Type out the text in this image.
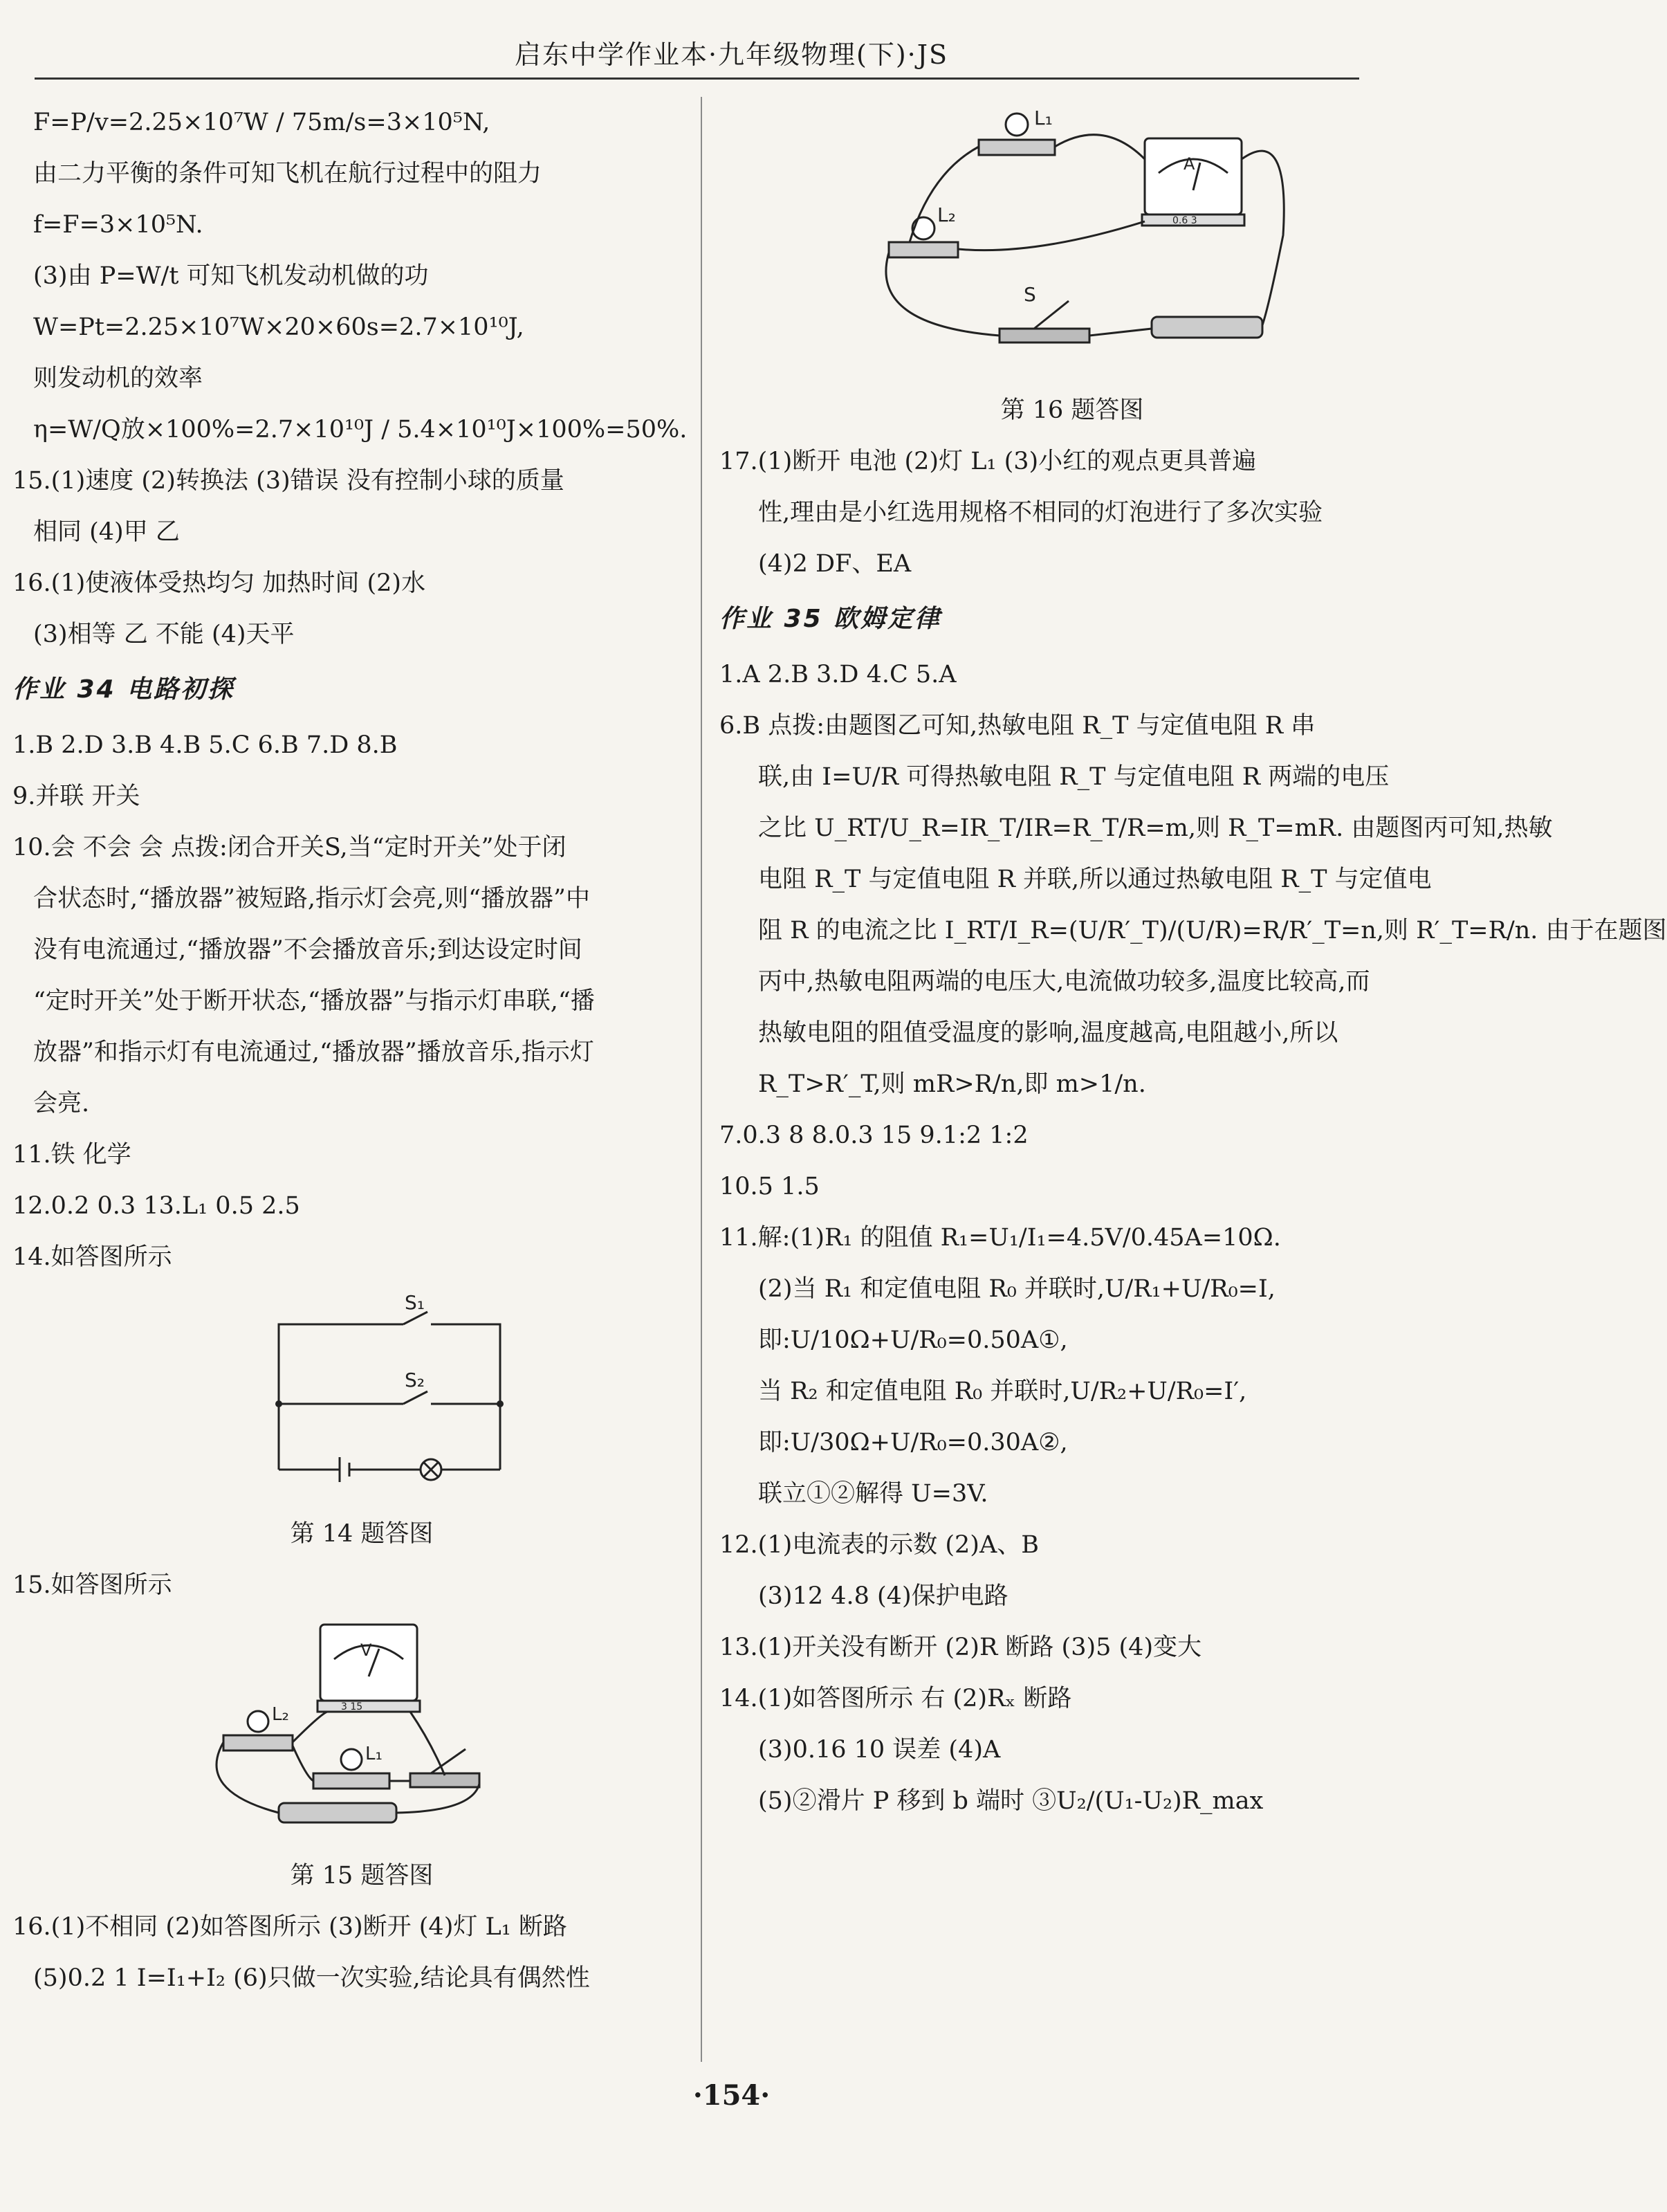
启东中学作业本·九年级物理(下)·JS
F=P/v=2.25×10⁷W / 75m/s=3×10⁵N,
由二力平衡的条件可知飞机在航行过程中的阻力
f=F=3×10⁵N.
(3)由 P=W/t 可知飞机发动机做的功
W=Pt=2.25×10⁷W×20×60s=2.7×10¹⁰J,
则发动机的效率
η=W/Q放×100%=2.7×10¹⁰J / 5.4×10¹⁰J×100%=50%.
15.(1)速度 (2)转换法 (3)错误 没有控制小球的质量
相同 (4)甲 乙
16.(1)使液体受热均匀 加热时间 (2)水
(3)相等 乙 不能 (4)天平
作业 34 电路初探
1.B 2.D 3.B 4.B 5.C 6.B 7.D 8.B
9.并联 开关
10.会 不会 会 点拨:闭合开关S,当“定时开关”处于闭
合状态时,“播放器”被短路,指示灯会亮,则“播放器”中
没有电流通过,“播放器”不会播放音乐;到达设定时间
“定时开关”处于断开状态,“播放器”与指示灯串联,“播
放器”和指示灯有电流通过,“播放器”播放音乐,指示灯
会亮.
11.铁 化学
12.0.2 0.3 13.L₁ 0.5 2.5
14.如答图所示
S₁
S₂
第 14 题答图
15.如答图所示
V
3 15
L₂
L₁
第 15 题答图
16.(1)不相同 (2)如答图所示 (3)断开 (4)灯 L₁ 断路
(5)0.2 1 I=I₁+I₂ (6)只做一次实验,结论具有偶然性
A
0.6 3
L₁
L₂
S
第 16 题答图
17.(1)断开 电池 (2)灯 L₁ (3)小红的观点更具普遍
性,理由是小红选用规格不相同的灯泡进行了多次实验
(4)2 DF、EA
作业 35 欧姆定律
1.A 2.B 3.D 4.C 5.A
6.B 点拨:由题图乙可知,热敏电阻 R_T 与定值电阻 R 串
联,由 I=U/R 可得热敏电阻 R_T 与定值电阻 R 两端的电压
之比 U_RT/U_R=IR_T/IR=R_T/R=m,则 R_T=mR. 由题图丙可知,热敏
电阻 R_T 与定值电阻 R 并联,所以通过热敏电阻 R_T 与定值电
阻 R 的电流之比 I_RT/I_R=(U/R′_T)/(U/R)=R/R′_T=n,则 R′_T=R/n. 由于在题图
丙中,热敏电阻两端的电压大,电流做功较多,温度比较高,而
热敏电阻的阻值受温度的影响,温度越高,电阻越小,所以
R_T>R′_T,则 mR>R/n,即 m>1/n.
7.0.3 8 8.0.3 15 9.1:2 1:2
10.5 1.5
11.解:(1)R₁ 的阻值 R₁=U₁/I₁=4.5V/0.45A=10Ω.
(2)当 R₁ 和定值电阻 R₀ 并联时,U/R₁+U/R₀=I,
即:U/10Ω+U/R₀=0.50A①,
当 R₂ 和定值电阻 R₀ 并联时,U/R₂+U/R₀=I′,
即:U/30Ω+U/R₀=0.30A②,
联立①②解得 U=3V.
12.(1)电流表的示数 (2)A、B
(3)12 4.8 (4)保护电路
13.(1)开关没有断开 (2)R 断路 (3)5 (4)变大
14.(1)如答图所示 右 (2)Rₓ 断路
(3)0.16 10 误差 (4)A
(5)②滑片 P 移到 b 端时 ③U₂/(U₁-U₂)R_max
·154·
